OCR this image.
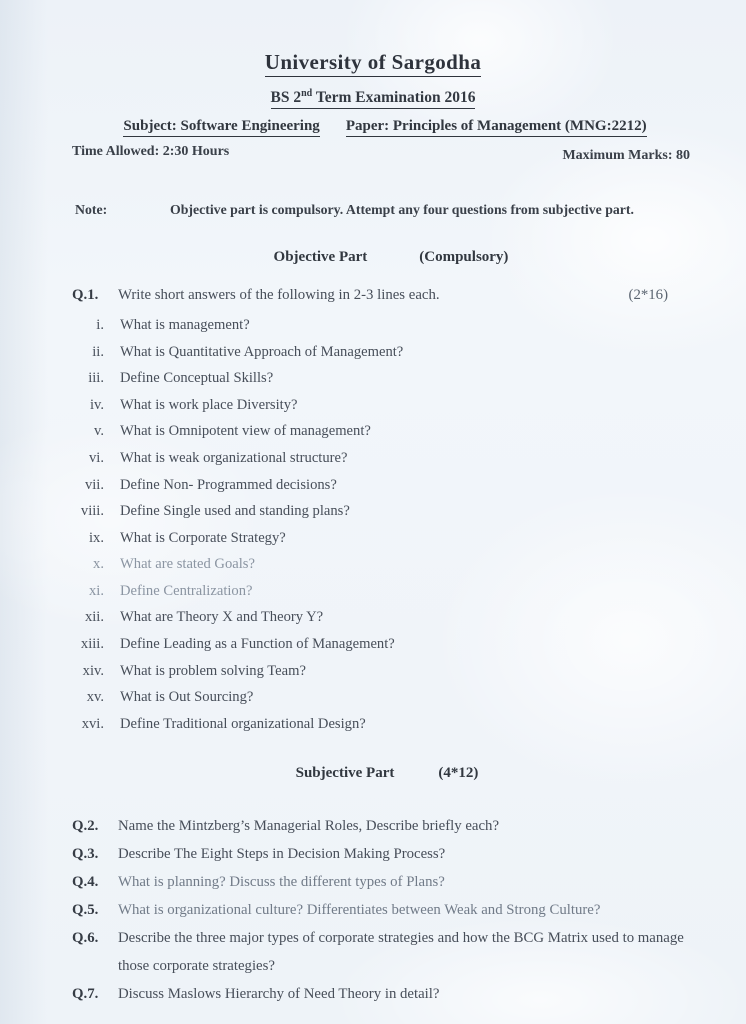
University of Sargodha
BS 2nd Term Examination 2016
Subject: Software Engineering Paper: Principles of Management (MNG:2212)
Time Allowed: 2:30 Hours	Maximum Marks: 80
Note:	Objective part is compulsory. Attempt any four questions from subjective part.
Objective Part	(Compulsory)
Q.1.	Write short answers of the following in 2-3 lines each.	(2*16)
i. What is management?
ii. What is Quantitative Approach of Management?
iii. Define Conceptual Skills?
iv. What is work place Diversity?
v. What is Omnipotent view of management?
vi. What is weak organizational structure?
vii. Define Non- Programmed decisions?
viii. Define Single used and standing plans?
ix. What is Corporate Strategy?
x. What are stated Goals?
xi. Define Centralization?
xii. What are Theory X and Theory Y?
xiii. Define Leading as a Function of Management?
xiv. What is problem solving Team?
xv. What is Out Sourcing?
xvi. Define Traditional organizational Design?
Subjective Part	(4*12)
Q.2.	Name the Mintzberg’s Managerial Roles, Describe briefly each?
Q.3.	Describe The Eight Steps in Decision Making Process?
Q.4.	What is planning? Discuss the different types of Plans?
Q.5.	What is organizational culture? Differentiates between Weak and Strong Culture?
Q.6.	Describe the three major types of corporate strategies and how the BCG Matrix used to manage those corporate strategies?
Q.7.	Discuss Maslows Hierarchy of Need Theory in detail?
